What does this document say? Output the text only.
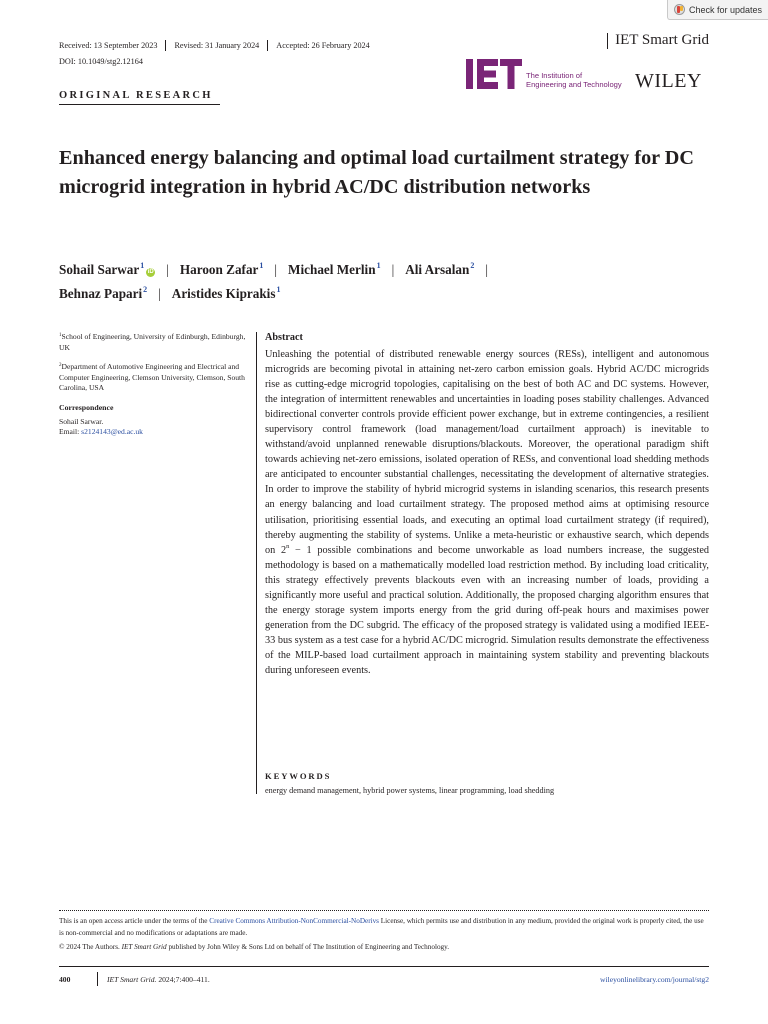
Check for updates
Received: 13 September 2023 Revised: 31 January 2024 Accepted: 26 February 2024	IET Smart Grid
DOI: 10.1049/stg2.12164
ORIGINAL RESEARCH
The Institution of
Engineering and Technology WILEY
Enhanced energy balancing and optimal load curtailment strategy for DC microgrid integration in hybrid AC/DC distribution networks
Sohail Sarwar$^1$iD | Haroon Zafar$^1$ | Michael Merlin$^1$ | Ali Arsalan$^2$ |
Behnaz Papari$^2$ | Aristides Kiprakis$^1$

$^1$School of Engineering, University of Edinburgh, Edinburgh, UK

$^2$Department of Automotive Engineering and Electrical and Computer Engineering, Clemson University, Clemson, South Carolina, USA

Correspondence
Sohail Sarwar.
Email: s2124143@ed.ac.uk
Abstract
Unleashing the potential of distributed renewable energy sources (RESs), intelligent and autonomous microgrids are becoming pivotal in attaining net-zero carbon emission goals. Hybrid AC/DC microgrids rise as cutting-edge microgrid topologies, capitalising on the best of both AC and DC systems. However, the integration of intermittent renewables and uncertainties in loading poses stability challenges. Advanced bidirectional converter controls provide efficient power exchange, but in extreme contingencies, a resilient supervisory control framework (load management/load curtailment approach) is inevitable to withstand/avoid unplanned renewable disruptions/blackouts. Moreover, the operational paradigm shift towards achieving net-zero emissions, isolated operation of RESs, and conventional load shedding methods are anticipated to encounter substantial challenges, necessitating the development of alternative strategies. In order to improve the stability of hybrid microgrid systems in islanding scenarios, this research presents an energy balancing and load curtailment strategy. The proposed method aims at optimising resource utilisation, prioritising essential loads, and executing an optimal load curtailment strategy (if required), thereby augmenting the stability of systems. Unlike a meta-heuristic or exhaustive search, which depends on $2^n - 1$ possible combinations and become unworkable as load numbers increase, the suggested methodology is based on a mathematically modelled load restriction method. By including load criticality, this strategy effectively prevents blackouts even with an increasing number of loads, providing a significantly more useful and practical solution. Additionally, the proposed charging algorithm ensures that the energy storage system imports energy from the grid during off-peak hours and maximises power generation from the DC subgrid. The efficacy of the proposed strategy is validated using a modified IEEE-33 bus system as a test case for a hybrid AC/DC microgrid. Simulation results demonstrate the effectiveness of the MILP-based load curtailment approach in maintaining system stability and preventing blackouts during unforeseen events.
KEYWORDS
energy demand management, hybrid power systems, linear programming, load shedding
This is an open access article under the terms of the Creative Commons Attribution-NonCommercial-NoDerivs License, which permits use and distribution in any medium, provided the original work is properly cited, the use is non-commercial and no modifications or adaptations are made.
© 2024 The Authors. IET Smart Grid published by John Wiley & Sons Ltd on behalf of The Institution of Engineering and Technology.
400	IET Smart Grid. 2024;7:400–411.	wileyonlinelibrary.com/journal/stg2
